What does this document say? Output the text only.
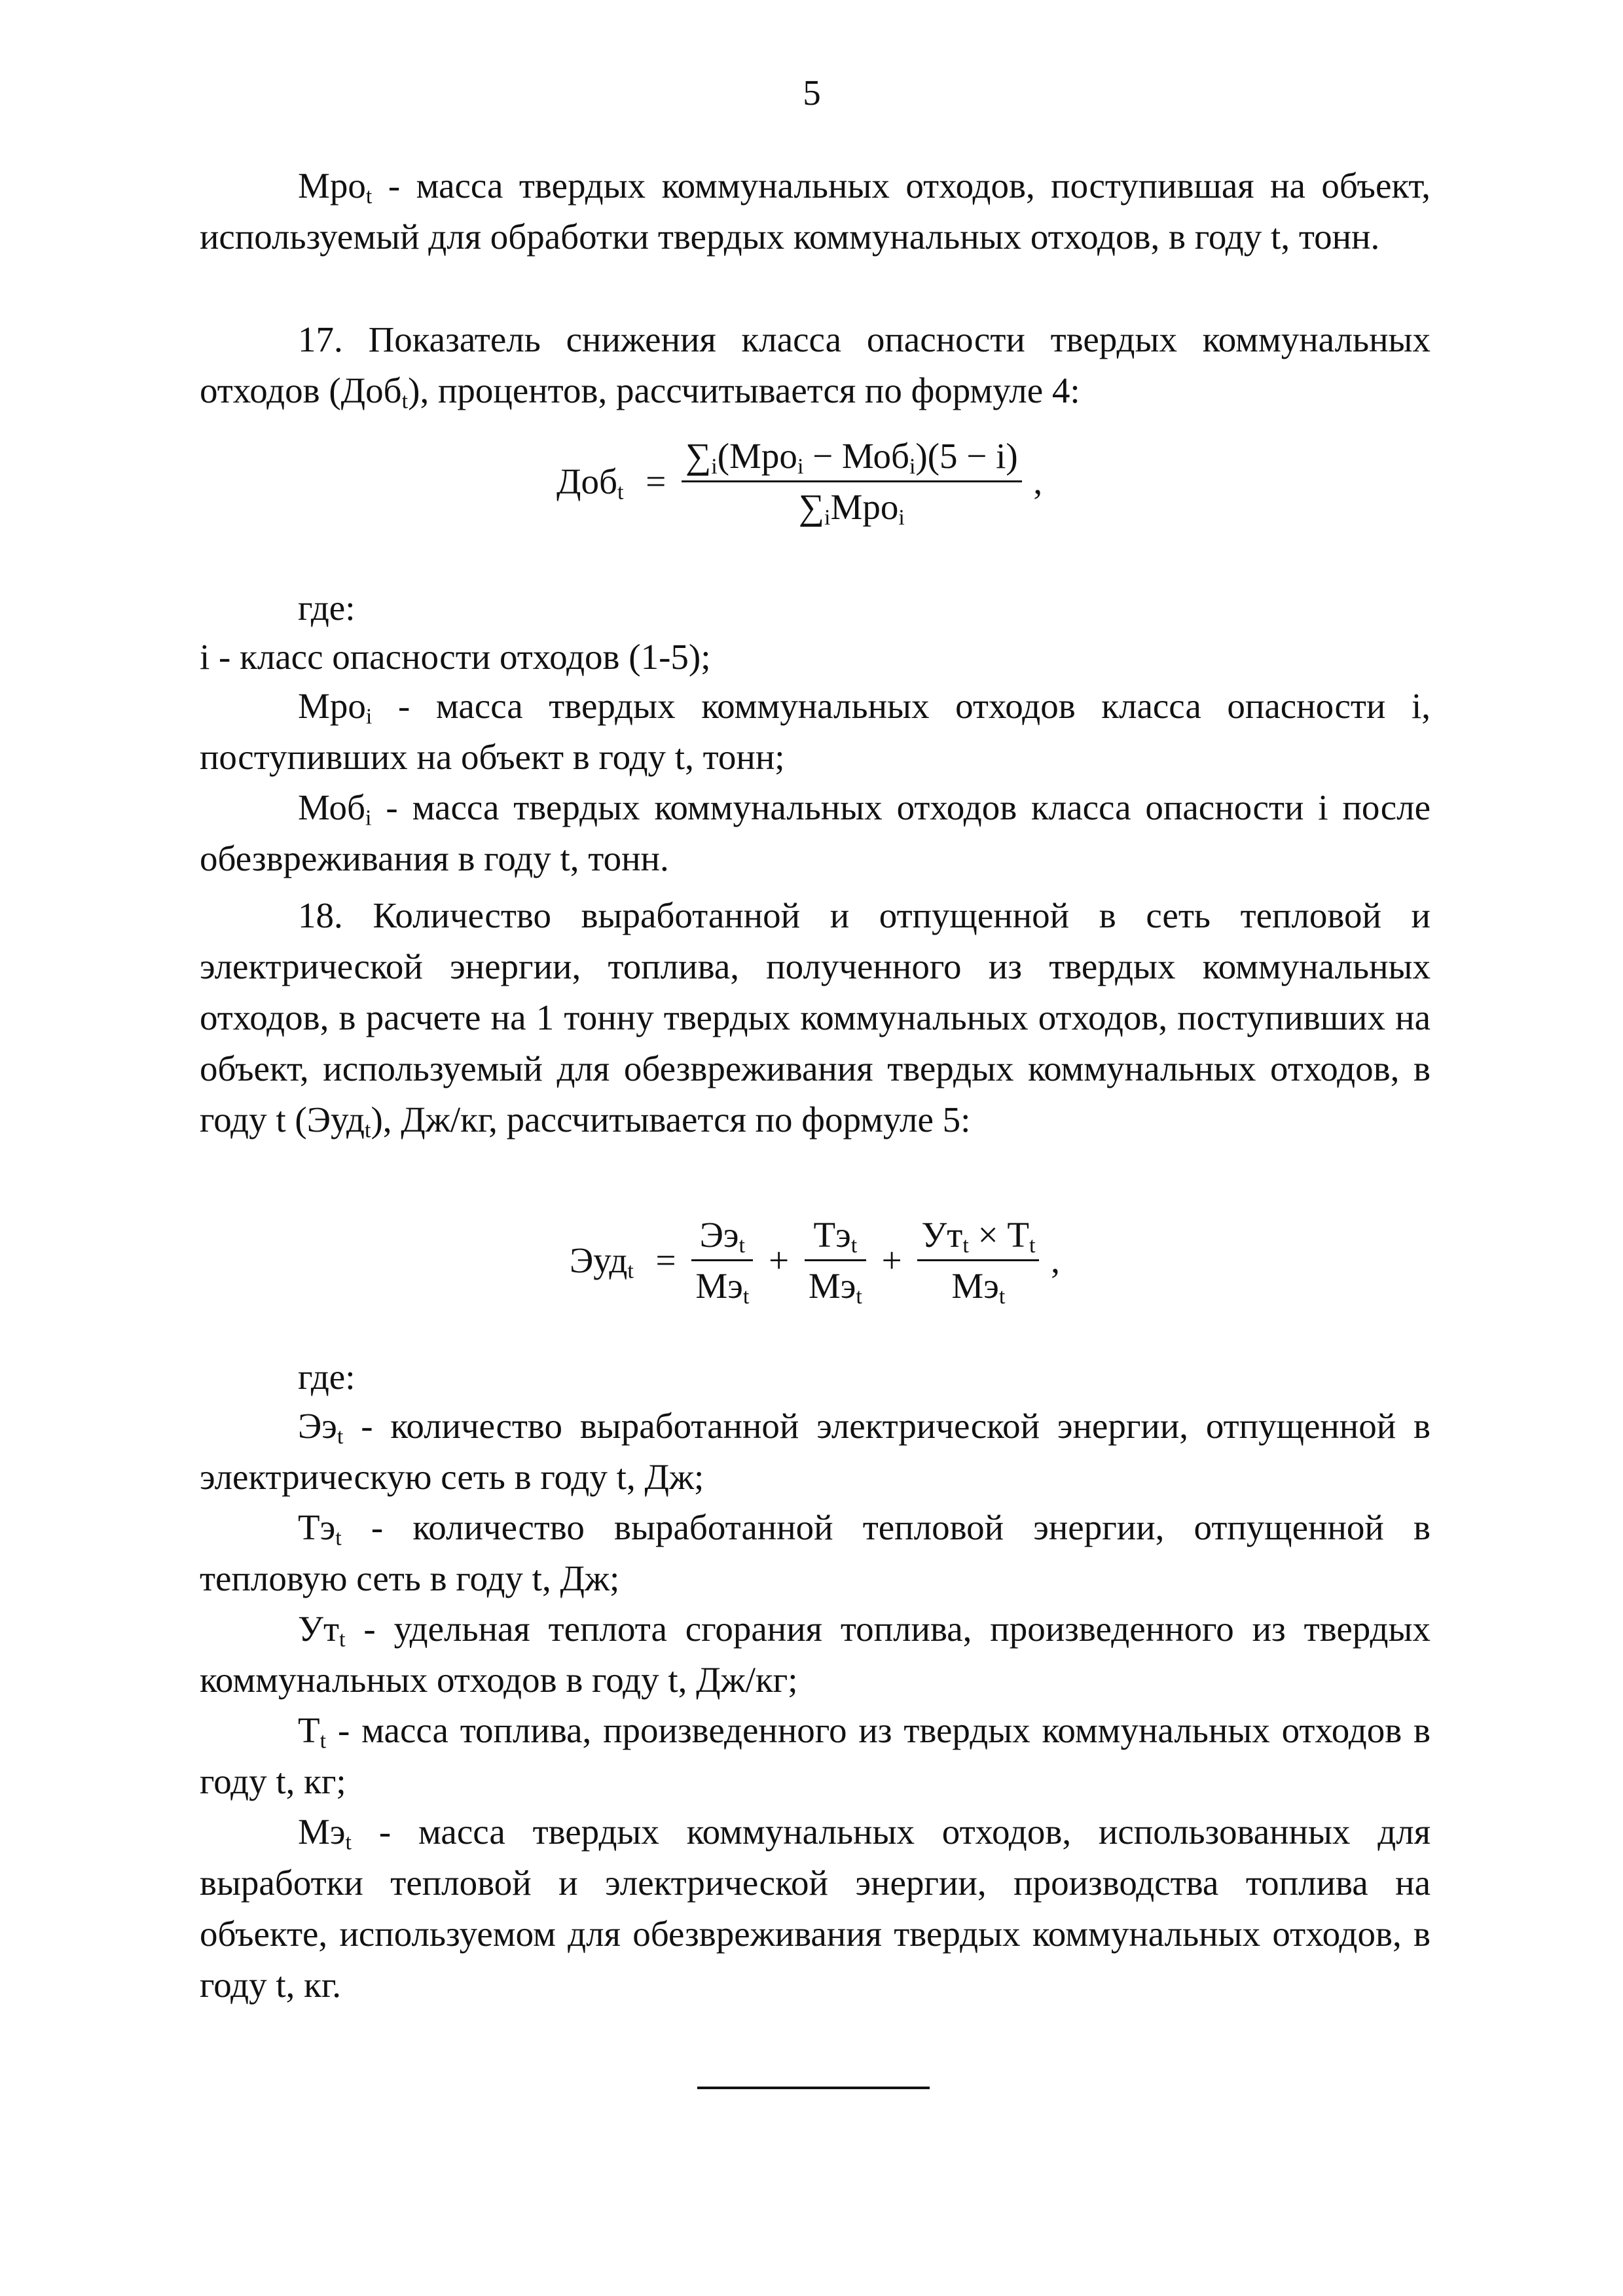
5
Мро$_t$ - масса твердых коммунальных отходов, поступившая на объект, используемый для обработки твердых коммунальных отходов, в году t, тонн.
17. Показатель снижения класса опасности твердых коммунальных отходов (Доб$_t$), процентов, рассчитывается по формуле 4:
$Доб_t = \frac{\sum_i(Мро_i - Моб_i)(5 - i)}{\sum_iМро_i}$ ,
где:
i - класс опасности отходов (1-5);
Мро$_i$ - масса твердых коммунальных отходов класса опасности i, поступивших на объект в году t, тонн;
Моб$_i$ - масса твердых коммунальных отходов класса опасности i после обезвреживания в году t, тонн.
18. Количество выработанной и отпущенной в сеть тепловой и электрической энергии, топлива, полученного из твердых коммунальных отходов, в расчете на 1 тонну твердых коммунальных отходов, поступивших на объект, используемый для обезвреживания твердых коммунальных отходов, в году t (Эуд$_t$), Дж/кг, рассчитывается по формуле 5:
$Эуд_t = \frac{Ээ_t}{Мэ_t} + \frac{Тэ_t}{Мэ_t} + \frac{Ут_t \times Т_t}{Мэ_t}$ ,
где:
$Ээ_t$ - количество выработанной электрической энергии, отпущенной в электрическую сеть в году t, Дж;
$Тэ_t$ - количество выработанной тепловой энергии, отпущенной в тепловую сеть в году t, Дж;
$Ут_t$ - удельная теплота сгорания топлива, произведенного из твердых коммунальных отходов в году t, Дж/кг;
$Т_t$ - масса топлива, произведенного из твердых коммунальных отходов в году t, кг;
$Мэ_t$ - масса твердых коммунальных отходов, использованных для выработки тепловой и электрической энергии, производства топлива на объекте, используемом для обезвреживания твердых коммунальных отходов, в году t, кг.
